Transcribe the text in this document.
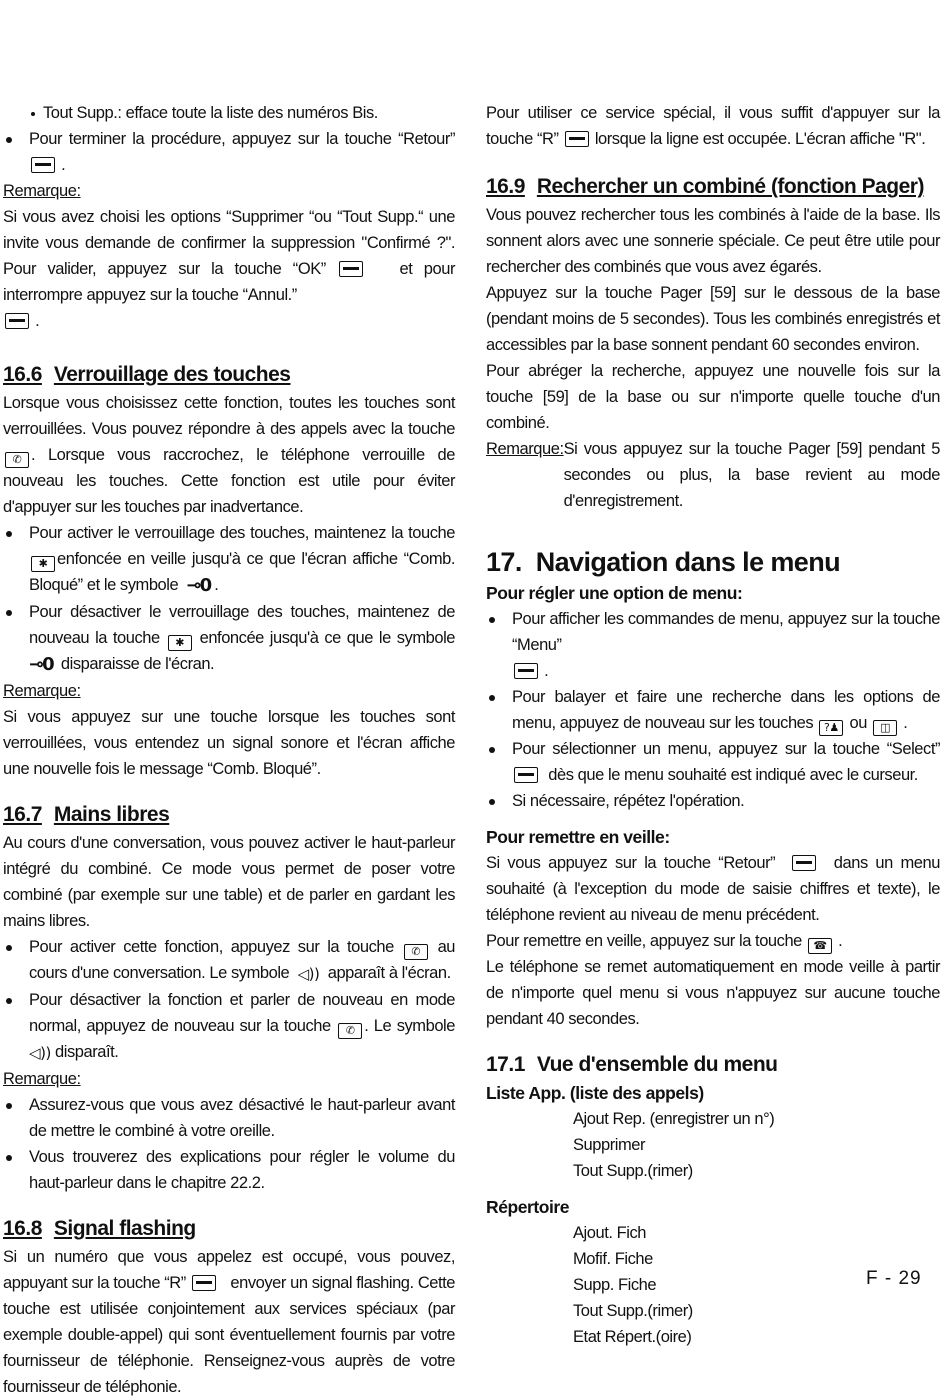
Tout Supp.: efface toute la liste des numéros Bis.
Pour terminer la procédure, appuyez sur la touche “Retour”  .

Remarque:

Si vous avez choisi les options “Supprimer “ou “Tout Supp.“ une invite vous demande de confirmer la suppression "Confirmé ?". Pour valider, appuyez sur la touche “OK”	et pour interrompre appuyez sur la touche “Annul.”
.

16.6 Verrouillage des touches

Lorsque vous choisissez cette fonction, toutes les touches sont verrouillées. Vous pouvez répondre à des appels avec la touche ✆ . Lorsque vous raccrochez, le téléphone verrouille de nouveau les touches. Cette fonction est utile pour éviter d'appuyer sur les touches par inadvertance.

Pour activer le verrouillage des touches, maintenez la touche ✱ enfoncée en veille jusqu'à ce que l'écran affiche “Comb. Bloqué” et le symbole ⊸0 .
Pour désactiver le verrouillage des touches, maintenez de nouveau la touche ✱ enfoncée jusqu'à ce que le symbole ⊸0 disparaisse de l'écran.

Remarque:

Si vous appuyez sur une touche lorsque les touches sont verrouillées, vous entendez un signal sonore et l'écran affiche une nouvelle fois le message “Comb. Bloqué”.

16.7 Mains libres

Au cours d'une conversation, vous pouvez activer le haut-parleur intégré du combiné. Ce mode vous permet de poser votre combiné (par exemple sur une table) et de parler en gardant les mains libres.

Pour activer cette fonction, appuyez sur la touche ✆ au cours d'une conversation. Le symbole ◁)) apparaît à l'écran.
Pour désactiver la fonction et parler de nouveau en mode normal, appuyez de nouveau sur la touche ✆ . Le symbole ◁)) disparaît.

Remarque:

Assurez-vous que vous avez désactivé le haut-parleur avant de mettre le combiné à votre oreille.
Vous trouverez des explications pour régler le volume du haut-parleur dans le chapitre 22.2.
16.8 Signal flashing

Si un numéro que vous appelez est occupé, vous pouvez, appuyant sur la touche “R”	envoyer un signal flashing. Cette touche est utilisée conjointement aux services spéciaux (par exemple double-appel) qui sont éventuellement fournis par votre fournisseur de téléphonie. Renseignez-vous auprès de votre fournisseur de téléphonie.

Pour utiliser ce service spécial, il vous suffit d'appuyer sur la touche “R” lorsque la ligne est occupée. L'écran affiche "R".

16.9 Rechercher un combiné (fonction Pager)

Vous pouvez rechercher tous les combinés à l'aide de la base. Ils sonnent alors avec une sonnerie spéciale. Ce peut être utile pour rechercher des combinés que vous avez égarés.

Appuyez sur la touche Pager [59] sur le dessous de la base (pendant moins de 5 secondes). Tous les combinés enregistrés et accessibles par la base sonnent pendant 60 secondes environ.

Pour abréger la recherche, appuyez une nouvelle fois sur la touche [59] de la base ou sur n'importe quelle touche d'un combiné.

Remarque: Si vous appuyez sur la touche Pager [59] pendant 5 secondes ou plus, la base revient au mode d'enregistrement.
17. Navigation dans le menu
Pour régler une option de menu:
Pour afficher les commandes de menu, appuyez sur la touche “Menu”
.
Pour balayer et faire une recherche dans les options de menu, appuyez de nouveau sur les touches ?♟ ou ◫ .
Pour sélectionner un menu, appuyez sur la touche “Select”   dès que le menu souhaité est indiqué avec le curseur.
Si nécessaire, répétez l'opération.
Pour remettre en veille:

Si vous appuyez sur la touche “Retour”	dans un menu souhaité (à l'exception du mode de saisie chiffres et texte), le téléphone revient au niveau de menu précédent.

Pour remettre en veille, appuyez sur la touche ☎ .

Le téléphone se remet automatiquement en mode veille à partir de n'importe quel menu si vous n'appuyez sur aucune touche pendant 40 secondes.

17.1 Vue d'ensemble du menu
Liste App. (liste des appels)
Ajout Rep. (enregistrer un n°)
Supprimer
Tout Supp.(rimer)
Répertoire
Ajout. Fich
Mofif. Fiche
Supp. Fiche
Tout Supp.(rimer)
Etat Répert.(oire)
F - 29
